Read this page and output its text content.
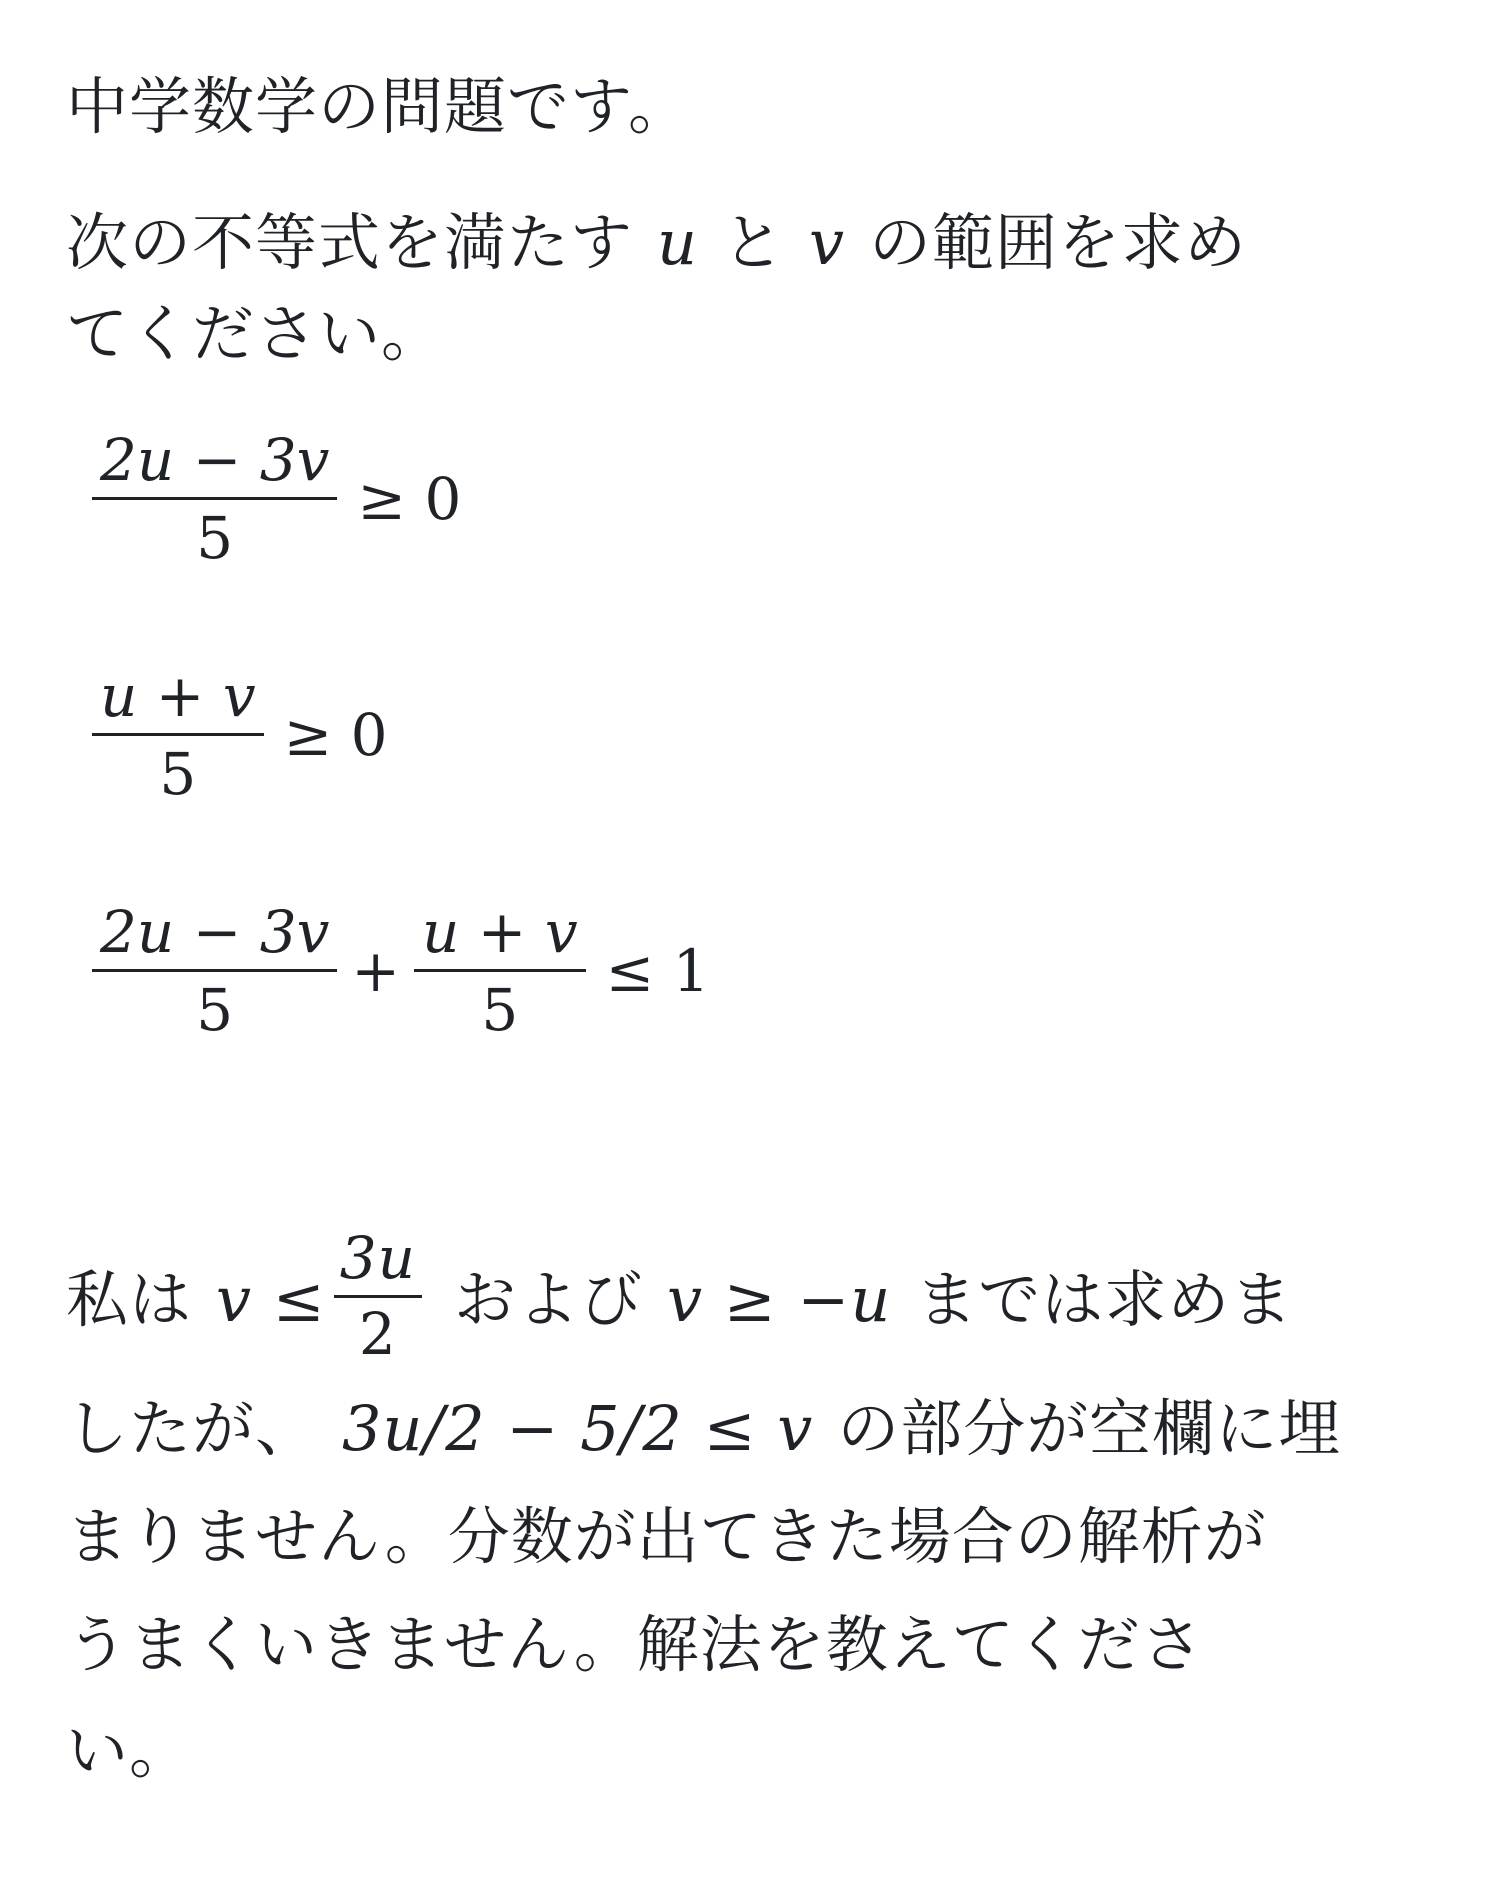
中学数学の問題です。
次の不等式を満たす u と v の範囲を求め
てください。
$\frac{2u - 3v}{5} \ge 0$
$\frac{u + v}{5} \ge 0$
$\frac{2u - 3v}{5} + \frac{u + v}{5} \le 1$
私は $v \le \frac{3u}{2}$ および v ≥ −u までは求めま
したが、 3u/2 − 5/2 ≤ v の部分が空欄に埋
まりません。分数が出てきた場合の解析が
うまくいきません。解法を教えてくださ
い。
